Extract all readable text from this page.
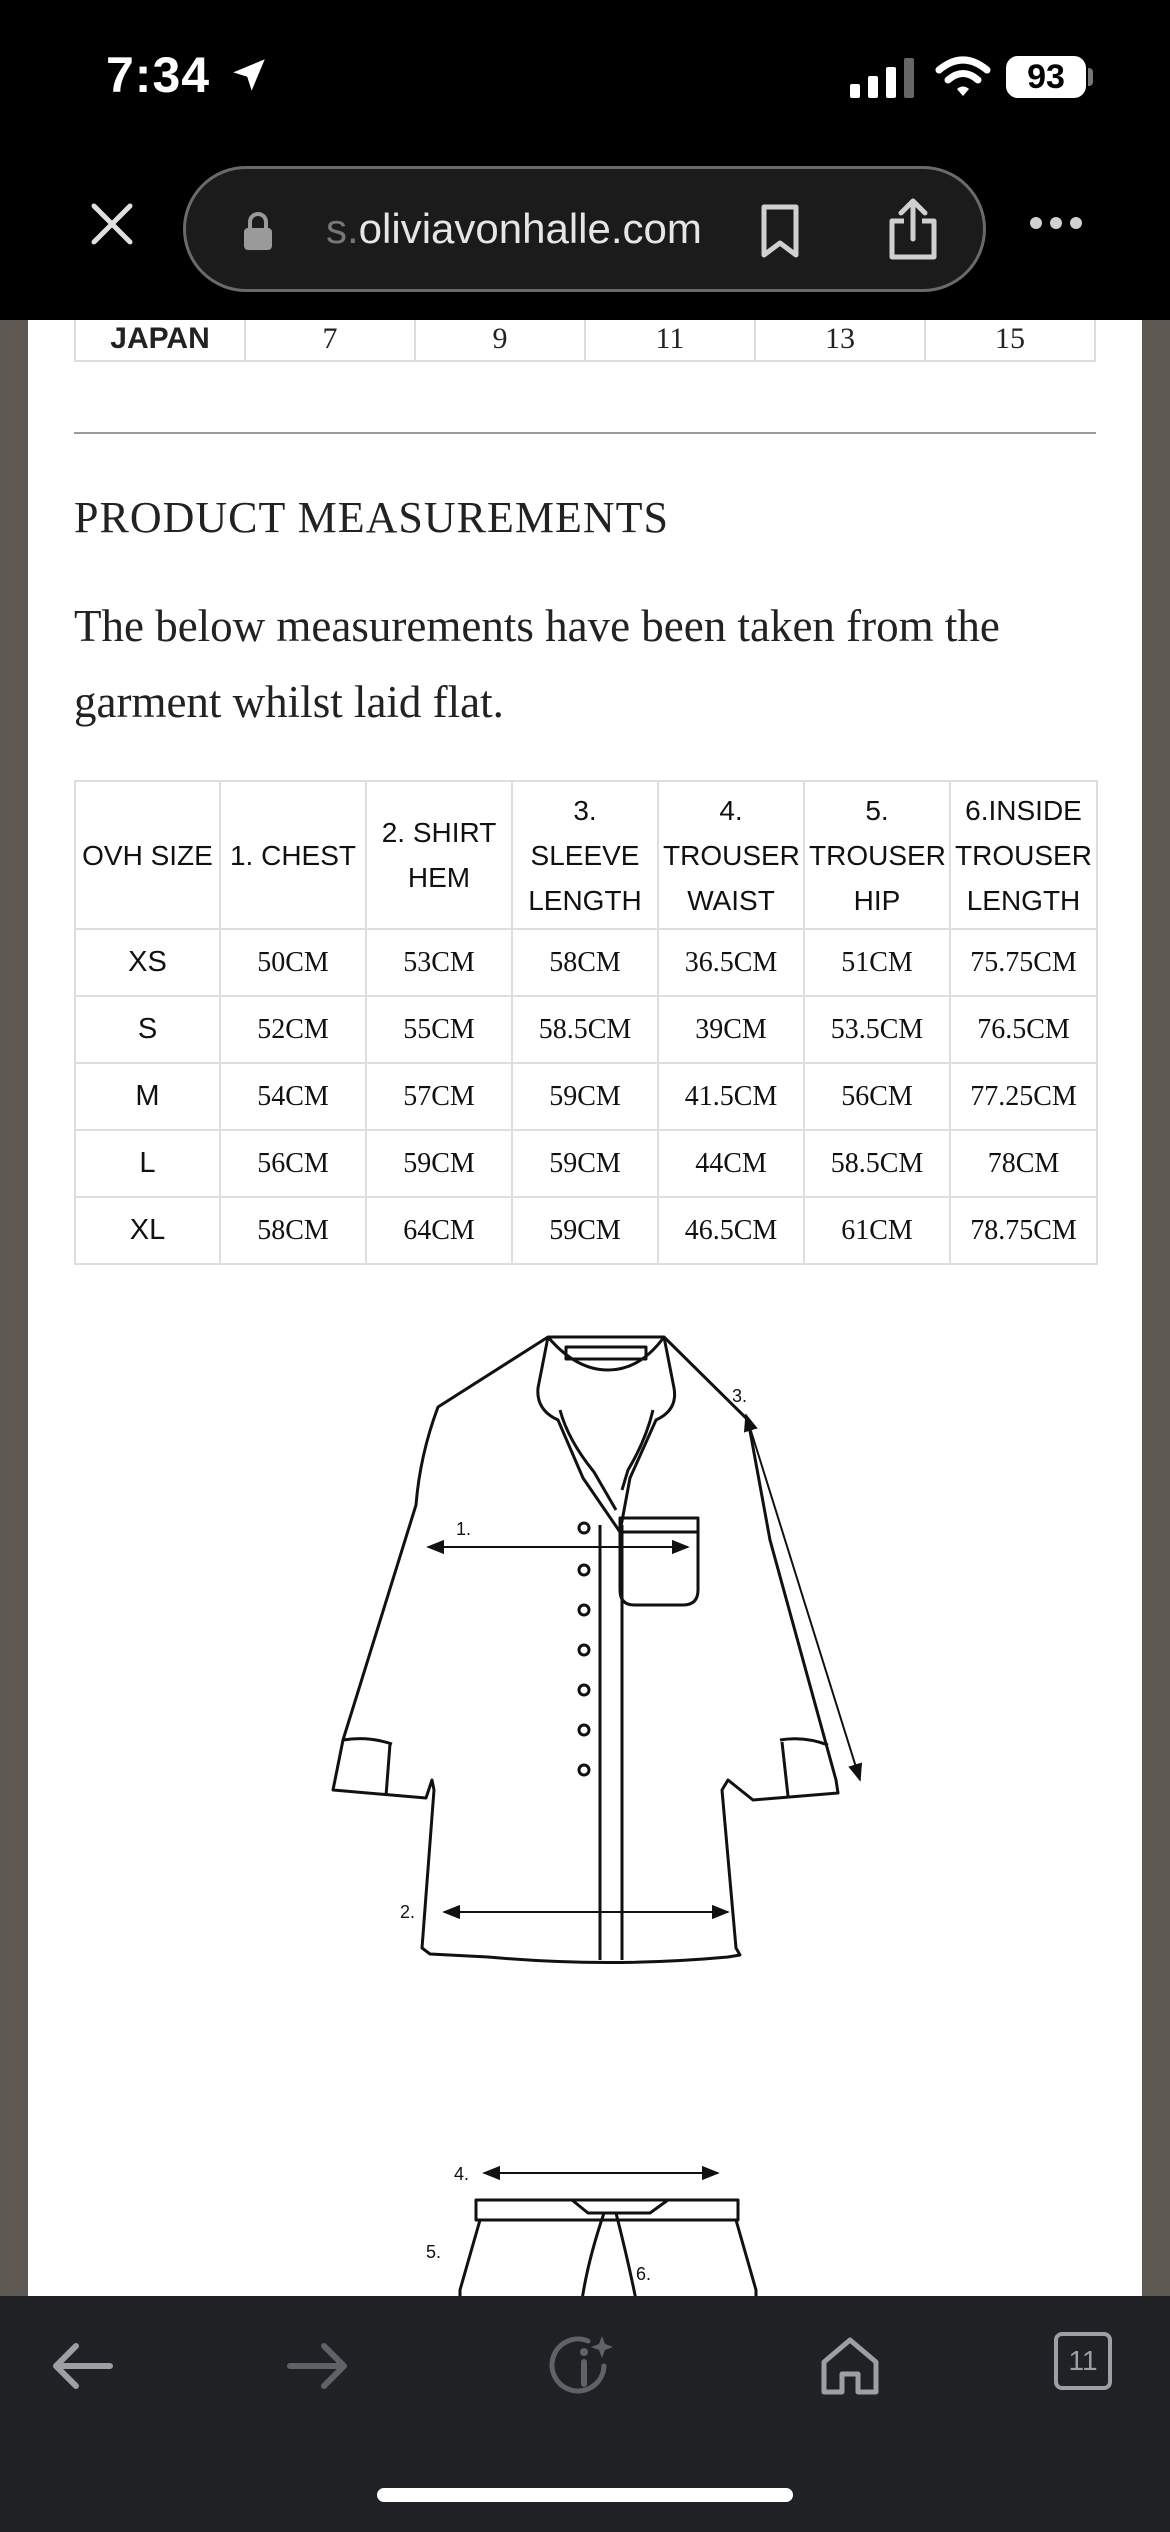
7:34	93
s.oliviavonhalle.com
JAPAN	7	9	11	13	15
PRODUCT MEASUREMENTS
The below measurements have been taken from the garment whilst laid flat.
OVH SIZE	1. CHEST	2. SHIRT HEM	3. SLEEVE LENGTH	4. TROUSER WAIST	5. TROUSER HIP	6.INSIDE TROUSER LENGTH
XS	50CM	53CM	58CM	36.5CM	51CM	75.75CM
S	52CM	55CM	58.5CM	39CM	53.5CM	76.5CM
M	54CM	57CM	59CM	41.5CM	56CM	77.25CM
L	56CM	59CM	59CM	44CM	58.5CM	78CM
XL	58CM	64CM	59CM	46.5CM	61CM	78.75CM
1.
2.
3.
4.
5.
6.
11
